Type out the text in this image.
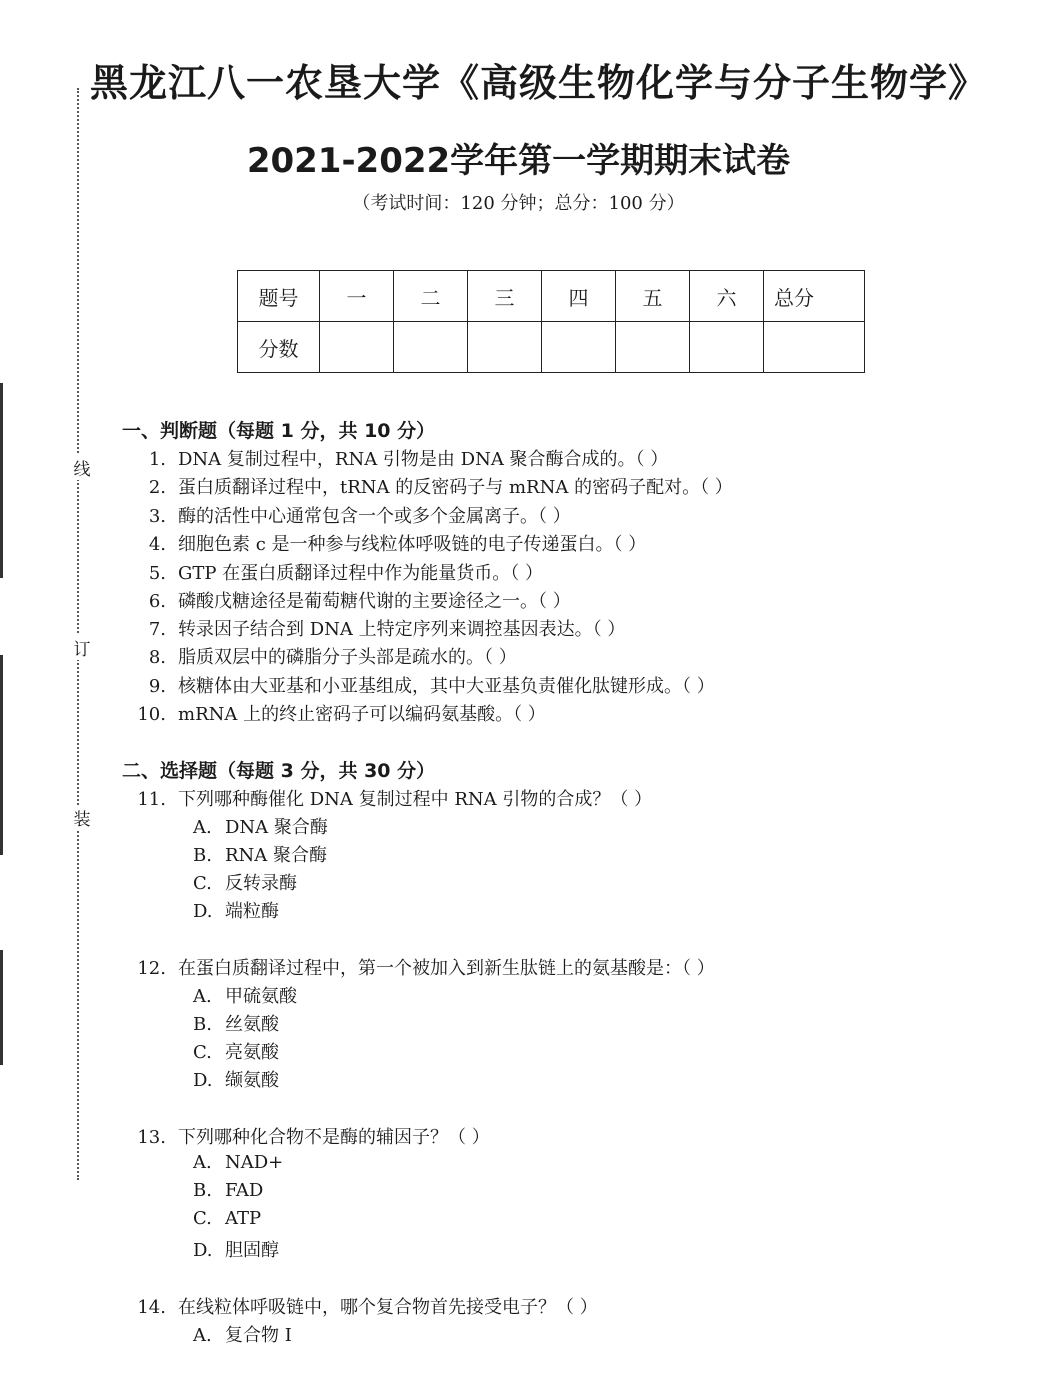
线
订
装
黑龙江八一农垦大学《高级生物化学与分子生物学》
2021-2022学年第一学期期末试卷
（考试时间：120 分钟；总分：100 分）
题号	一	二	三	四	五	六	总分
分数							
一、判断题（每题 1 分，共 10 分）
1. DNA 复制过程中，RNA 引物是由 DNA 聚合酶合成的。（ ）
2. 蛋白质翻译过程中，tRNA 的反密码子与 mRNA 的密码子配对。（ ）
3. 酶的活性中心通常包含一个或多个金属离子。（ ）
4. 细胞色素 c 是一种参与线粒体呼吸链的电子传递蛋白。（ ）
5. GTP 在蛋白质翻译过程中作为能量货币。（ ）
6. 磷酸戊糖途径是葡萄糖代谢的主要途径之一。（ ）
7. 转录因子结合到 DNA 上特定序列来调控基因表达。（ ）
8. 脂质双层中的磷脂分子头部是疏水的。（ ）
9. 核糖体由大亚基和小亚基组成，其中大亚基负责催化肽键形成。（ ）
10. mRNA 上的终止密码子可以编码氨基酸。（ ）
二、选择题（每题 3 分，共 30 分）
11. 下列哪种酶催化 DNA 复制过程中 RNA 引物的合成？（ ）
A. DNA 聚合酶
B. RNA 聚合酶
C. 反转录酶
D. 端粒酶
12. 在蛋白质翻译过程中，第一个被加入到新生肽链上的氨基酸是：（ ）
A. 甲硫氨酸
B. 丝氨酸
C. 亮氨酸
D. 缬氨酸
13. 下列哪种化合物不是酶的辅因子？（ ）
A. NAD+
B. FAD
C. ATP
D. 胆固醇
14. 在线粒体呼吸链中，哪个复合物首先接受电子？（ ）
A. 复合物 I
